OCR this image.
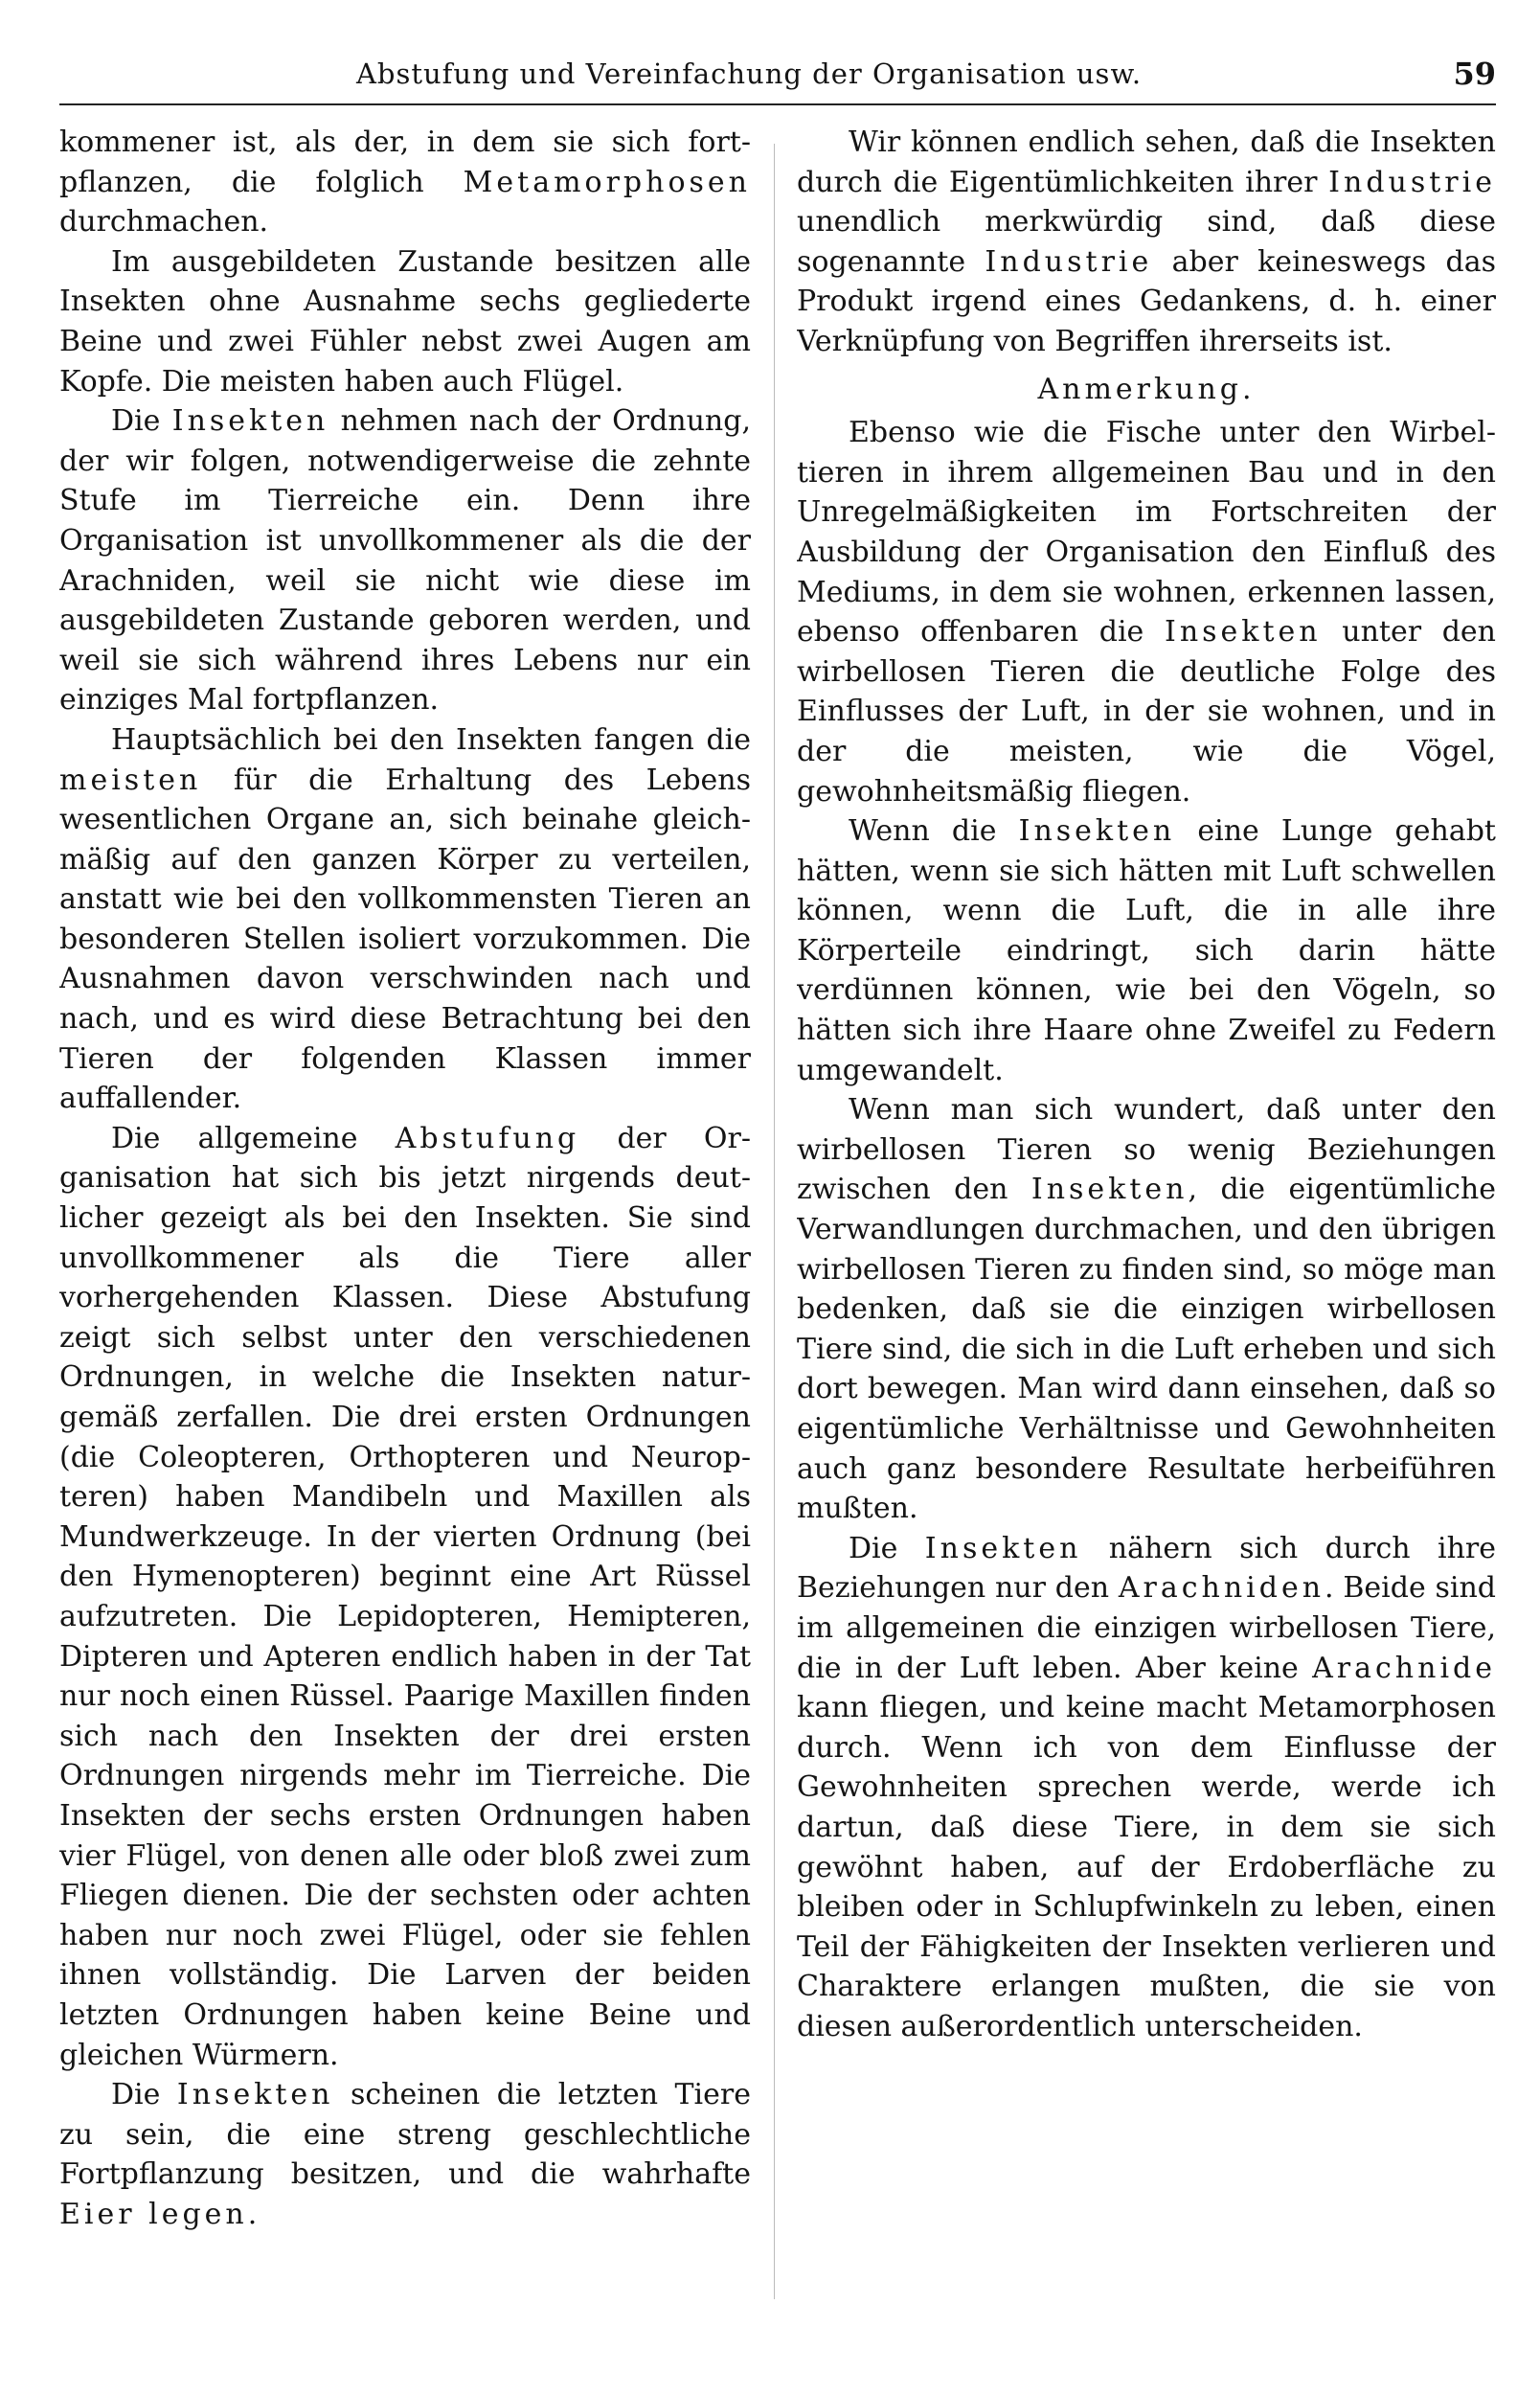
Abstufung und Vereinfachung der Organisation usw.	59

kommener ist, als der, in dem sie sich fortpflanzen, die folglich Metamorphosen durchmachen.

Im ausgebildeten Zustande besitzen alle Insekten ohne Ausnahme sechs gegliederte Beine und zwei Fühler nebst zwei Augen am Kopfe. Die meisten haben auch Flügel.

Die Insekten nehmen nach der Ordnung, der wir folgen, notwendigerweise die zehnte Stufe im Tierreiche ein. Denn ihre Organisation ist unvollkommener als die der Arachniden, weil sie nicht wie diese im ausgebildeten Zustande geboren werden, und weil sie sich während ihres Lebens nur ein einziges Mal fortpflanzen.

Hauptsächlich bei den Insekten fangen die meisten für die Erhaltung des Lebens wesentlichen Organe an, sich beinahe gleichmäßig auf den ganzen Körper zu verteilen, anstatt wie bei den vollkommensten Tieren an besonderen Stellen isoliert vorzukommen. Die Ausnahmen davon verschwinden nach und nach, und es wird diese Betrachtung bei den Tieren der folgenden Klassen immer auffallender.

Die allgemeine Abstufung der Organisation hat sich bis jetzt nirgends deutlicher gezeigt als bei den Insekten. Sie sind unvollkommener als die Tiere aller vorhergehenden Klassen. Diese Abstufung zeigt sich selbst unter den verschiedenen Ordnungen, in welche die Insekten naturgemäß zerfallen. Die drei ersten Ordnungen (die Coleopteren, Orthopteren und Neuropteren) haben Mandibeln und Maxillen als Mundwerkzeuge. In der vierten Ordnung (bei den Hymenopteren) beginnt eine Art Rüssel aufzutreten. Die Lepidopteren, Hemipteren, Dipteren und Apteren endlich haben in der Tat nur noch einen Rüssel. Paarige Maxillen finden sich nach den Insekten der drei ersten Ordnungen nirgends mehr im Tierreiche. Die Insekten der sechs ersten Ordnungen haben vier Flügel, von denen alle oder bloß zwei zum Fliegen dienen. Die der sechsten oder achten haben nur noch zwei Flügel, oder sie fehlen ihnen vollständig. Die Larven der beiden letzten Ordnungen haben keine Beine und gleichen Würmern.

Die Insekten scheinen die letzten Tiere zu sein, die eine streng geschlechtliche Fortpflanzung besitzen, und die wahrhafte Eier legen.

Wir können endlich sehen, daß die Insekten durch die Eigentümlichkeiten ihrer Industrie unendlich merkwürdig sind, daß diese sogenannte Industrie aber keineswegs das Produkt irgend eines Gedankens, d. h. einer Verknüpfung von Begriffen ihrerseits ist.

Anmerkung.

Ebenso wie die Fische unter den Wirbeltieren in ihrem allgemeinen Bau und in den Unregelmäßigkeiten im Fortschreiten der Ausbildung der Organisation den Einfluß des Mediums, in dem sie wohnen, erkennen lassen, ebenso offenbaren die Insekten unter den wirbellosen Tieren die deutliche Folge des Einflusses der Luft, in der sie wohnen, und in der die meisten, wie die Vögel, gewohnheitsmäßig fliegen.

Wenn die Insekten eine Lunge gehabt hätten, wenn sie sich hätten mit Luft schwellen können, wenn die Luft, die in alle ihre Körperteile eindringt, sich darin hätte verdünnen können, wie bei den Vögeln, so hätten sich ihre Haare ohne Zweifel zu Federn umgewandelt.

Wenn man sich wundert, daß unter den wirbellosen Tieren so wenig Beziehungen zwischen den Insekten, die eigentümliche Verwandlungen durchmachen, und den übrigen wirbellosen Tieren zu finden sind, so möge man bedenken, daß sie die einzigen wirbellosen Tiere sind, die sich in die Luft erheben und sich dort bewegen. Man wird dann einsehen, daß so eigentümliche Verhältnisse und Gewohnheiten auch ganz besondere Resultate herbeiführen mußten.

Die Insekten nähern sich durch ihre Beziehungen nur den Arachniden. Beide sind im allgemeinen die einzigen wirbellosen Tiere, die in der Luft leben. Aber keine Arachnide kann fliegen, und keine macht Metamorphosen durch. Wenn ich von dem Einflusse der Gewohnheiten sprechen werde, werde ich dartun, daß diese Tiere, in dem sie sich gewöhnt haben, auf der Erdoberfläche zu bleiben oder in Schlupfwinkeln zu leben, einen Teil der Fähigkeiten der Insekten verlieren und Charaktere erlangen mußten, die sie von diesen außerordentlich unterscheiden.
